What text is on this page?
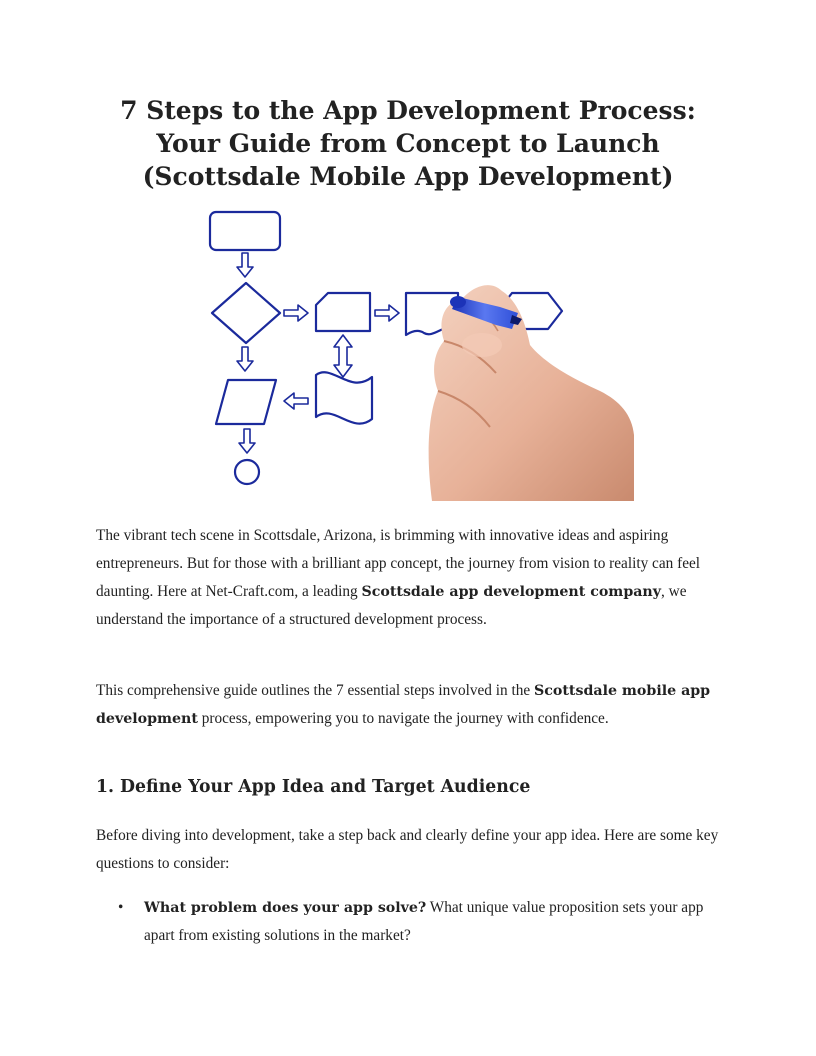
7 Steps to the App Development Process:
Your Guide from Concept to Launch
(Scottsdale Mobile App Development)

The vibrant tech scene in Scottsdale, Arizona, is brimming with innovative ideas and aspiring entrepreneurs. But for those with a brilliant app concept, the journey from vision to reality can feel daunting. Here at Net-Craft.com, a leading Scottsdale app development company, we understand the importance of a structured development process.

This comprehensive guide outlines the 7 essential steps involved in the Scottsdale mobile app development process, empowering you to navigate the journey with confidence.

1. Define Your App Idea and Target Audience

Before diving into development, take a step back and clearly define your app idea. Here are some key questions to consider:

• What problem does your app solve? What unique value proposition sets your app apart from existing solutions in the market?
